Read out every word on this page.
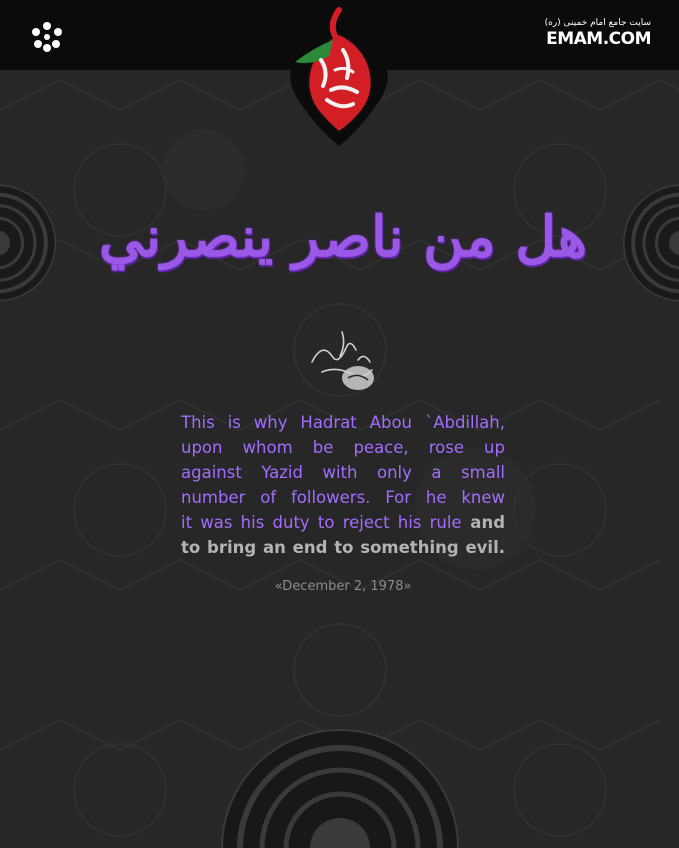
سایت جامع امام خمینی (ره)
EMAM.COM
هل من ناصر ينصرني
This is why Hadrat Abou `Abdillah,
upon whom be peace, rose up
against Yazid with only a small
number of followers. For he knew
it was his duty to reject his rule and
to bring an end to something evil.
«December 2, 1978»
